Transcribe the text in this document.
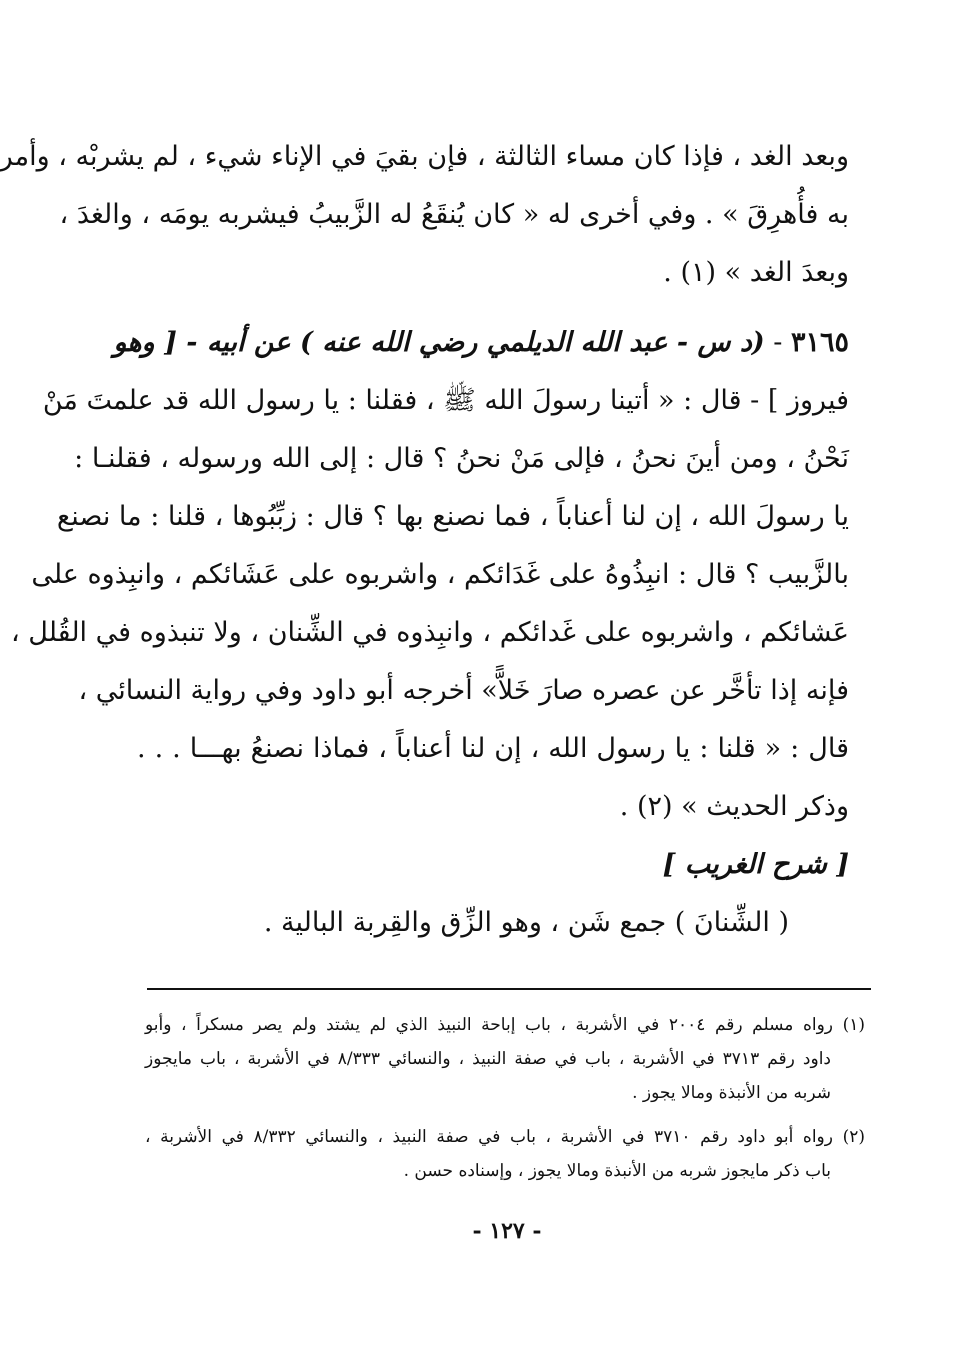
وبعد الغد ، فإذا كان مساء الثالثة ، فإن بقيَ في الإناء شيء ، لم يشربْه ، وأمر
به فأُهرِقَ » . وفي أخرى له « كان يُنقَعُ له الزَّبيبُ فيشربه يومَه ، والغدَ ،
وبعدَ الغد » (١) .
٣١٦٥ - (د س - عبد الله الديلمي رضي الله عنه ) عن أبيه - [ وهو
فيروز ] - قال : « أتينا رسولَ الله ﷺ ، فقلنا : يا رسول الله قد علمتَ مَنْ
نَحْنُ ، ومن أينَ نحنُ ، فإلى مَنْ نحنُ ؟ قال : إلى الله ورسوله ، فقلنـا :
يا رسولَ الله ، إن لنا أعناباً ، فما نصنع بها ؟ قال : زبِّبُوها ، قلنا : ما نصنع
بالزَّبيب ؟ قال : انبِذُوهُ على غَدَائكم ، واشربوه على عَشَائكم ، وانبِذوه على
عَشائكم ، واشربوه على غَدائكم ، وانبِذوه في الشِّنان ، ولا تنبذوه في القُلل ،
فإنه إذا تأخَّر عن عصره صارَ خَلاًّ» أخرجه أبو داود وفي رواية النسائي ،
قال : « قلنا : يا رسول الله ، إن لنا أعناباً ، فماذا نصنعُ بهـــا . . .
وذكر الحديث » (٢) .
[ شرح الغريب ]
( الشِّنانَ ) جمع شَن ، وهو الزِّق والقِربة البالية .
(١) رواه مسلم رقم ٢٠٠٤ في الأشربة ، باب إباحة النبيذ الذي لم يشتد ولم يصر مسكراً ، وأبو
داود رقم ٣٧١٣ في الأشربة ، باب في صفة النبيذ ، والنسائي ٨/٣٣٣ في الأشربة ، باب مايجوز
شربه من الأنبذة ومالا يجوز .
(٢) رواه أبو داود رقم ٣٧١٠ في الأشربة ، باب في صفة النبيذ ، والنسائي ٨/٣٣٢ في الأشربة ،
باب ذكر مايجوز شربه من الأنبذة ومالا يجوز ، وإسناده حسن .
- ١٢٧ -
